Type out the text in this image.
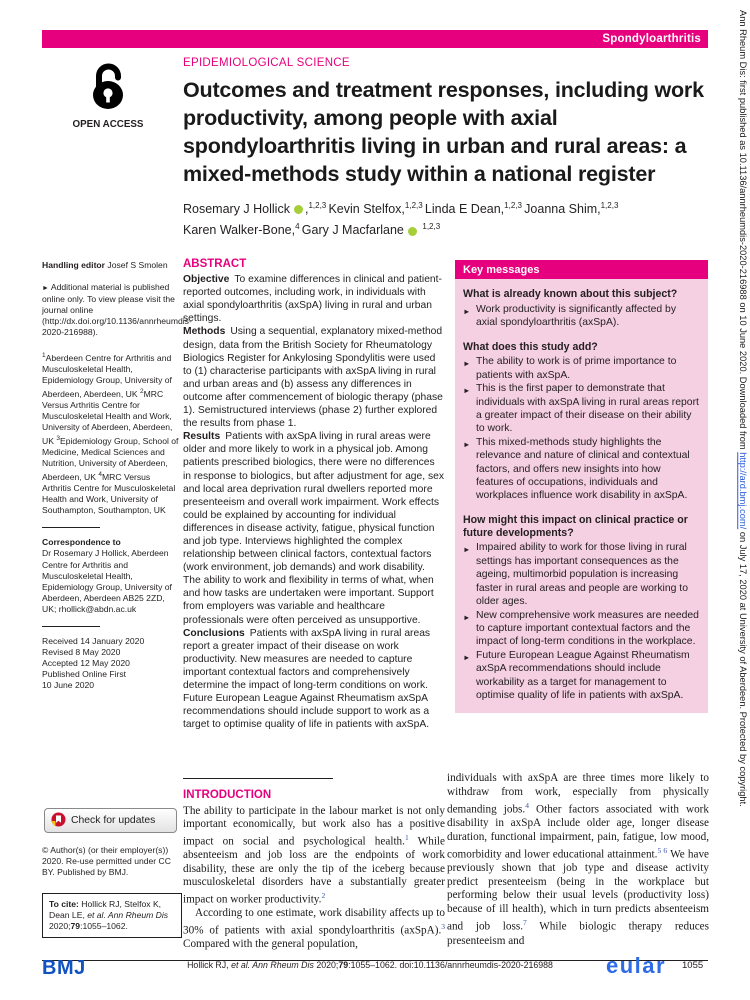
Spondyloarthritis	Ann Rheum Dis: first published as 10.1136/annrheumdis-2020-216988 on 10 June 2020. Downloaded from http://ard.bmj.com/ on July 17, 2020 at University of Aberdeen. Protected by copyright.
OPEN ACCESS
EPIDEMIOLOGICAL SCIENCE
Outcomes and treatment responses, including work productivity, among people with axial spondyloarthritis living in urban and rural areas: a mixed-methods study within a national register
Rosemary J Hollick ,$^{1,2,3}$ Kevin Stelfox,$^{1,2,3}$ Linda E Dean,$^{1,2,3}$ Joanna Shim,$^{1,2,3}$
Karen Walker-Bone,$^4$ Gary J Macfarlane $^{1,2,3}$

Handling editor Josef S Smolen

► Additional material is published online only. To view please visit the journal online (http://dx.doi.org/10.1136/annrheumdis-2020-216988).

$^1$Aberdeen Centre for Arthritis and Musculoskeletal Health, Epidemiology Group, University of Aberdeen, Aberdeen, UK $^2$MRC Versus Arthritis Centre for Musculoskeletal Health and Work, University of Aberdeen, Aberdeen, UK $^3$Epidemiology Group, School of Medicine, Medical Sciences and Nutrition, University of Aberdeen, Aberdeen, UK $^4$MRC Versus Arthritis Centre for Musculoskeletal Health and Work, University of Southampton, Southampton, UK

Correspondence to
Dr Rosemary J Hollick, Aberdeen Centre for Arthritis and Musculoskeletal Health, Epidemiology Group, University of Aberdeen, Aberdeen AB25 2ZD, UK; rhollick@abdn.ac.uk

Received 14 January 2020
Revised 8 May 2020
Accepted 12 May 2020
Published Online First
10 June 2020

ABSTRACT
Objective To examine differences in clinical and patient-reported outcomes, including work, in individuals with axial spondyloarthritis (axSpA) living in rural and urban settings.
Methods Using a sequential, explanatory mixed-method design, data from the British Society for Rheumatology Biologics Register for Ankylosing Spondylitis were used to (1) characterise participants with axSpA living in rural and urban areas and (b) assess any differences in outcome after commencement of biologic therapy (phase 1). Semistructured interviews (phase 2) further explored the results from phase 1.
Results Patients with axSpA living in rural areas were older and more likely to work in a physical job. Among patients prescribed biologics, there were no differences in response to biologics, but after adjustment for age, sex and local area deprivation rural dwellers reported more presenteeism and overall work impairment. Work effects could be explained by accounting for individual differences in disease activity, fatigue, physical function and job type. Interviews highlighted the complex relationship between clinical factors, contextual factors (work environment, job demands) and work disability. The ability to work and flexibility in terms of what, when and how tasks are undertaken were important. Support from employers was variable and healthcare professionals were often perceived as unsupportive.
Conclusions Patients with axSpA living in rural areas report a greater impact of their disease on work productivity. New measures are needed to capture important contextual factors and comprehensively determine the impact of long-term conditions on work. Future European League Against Rheumatism axSpA recommendations should include support to work as a target to optimise quality of life in patients with axSpA.
Key messages
What is already known about this subject?
► Work productivity is significantly affected by axial spondyloarthritis (axSpA).
What does this study add?
► The ability to work is of prime importance to patients with axSpA.
► This is the first paper to demonstrate that individuals with axSpA living in rural areas report a greater impact of their disease on their ability to work.
► This mixed-methods study highlights the relevance and nature of clinical and contextual factors, and offers new insights into how features of occupations, individuals and workplaces influence work disability in axSpA.
How might this impact on clinical practice or future developments?
► Impaired ability to work for those living in rural settings has important consequences as the ageing, multimorbid population is increasing faster in rural areas and people are working to older ages.
► New comprehensive work measures are needed to capture important contextual factors and the impact of long-term conditions in the workplace.
► Future European League Against Rheumatism axSpA recommendations should include workability as a target for management to optimise quality of life in patients with axSpA.
INTRODUCTION

The ability to participate in the labour market is not only important economically, but work also has a positive impact on social and psychological health.$^1$ While absenteeism and job loss are the endpoints of work disability, these are only the tip of the iceberg because musculoskeletal disorders have a substantially greater impact on worker productivity.$^2$

According to one estimate, work disability affects up to 30% of patients with axial spondyloarthritis (axSpA).$^3$ Compared with the general population,

individuals with axSpA are three times more likely to withdraw from work, especially from physically demanding jobs.$^4$ Other factors associated with work disability in axSpA include older age, longer disease duration, functional impairment, pain, fatigue, low mood, comorbidity and lower educational attainment.$^{5 6}$ We have previously shown that job type and disease activity predict presenteeism (being in the workplace but performing below their usual levels (productivity loss) because of ill health), which in turn predicts absenteeism and job loss.$^7$ While biologic therapy reduces presenteeism and

Check for updates
© Author(s) (or their employer(s)) 2020. Re-use permitted under CC BY. Published by BMJ.
To cite: Hollick RJ, Stelfox K, Dean LE, et al. Ann Rheum Dis 2020;79:1055–1062.
BMJ	Hollick RJ, et al. Ann Rheum Dis 2020;79:1055–1062. doi:10.1136/annrheumdis-2020-216988	eular 1055
